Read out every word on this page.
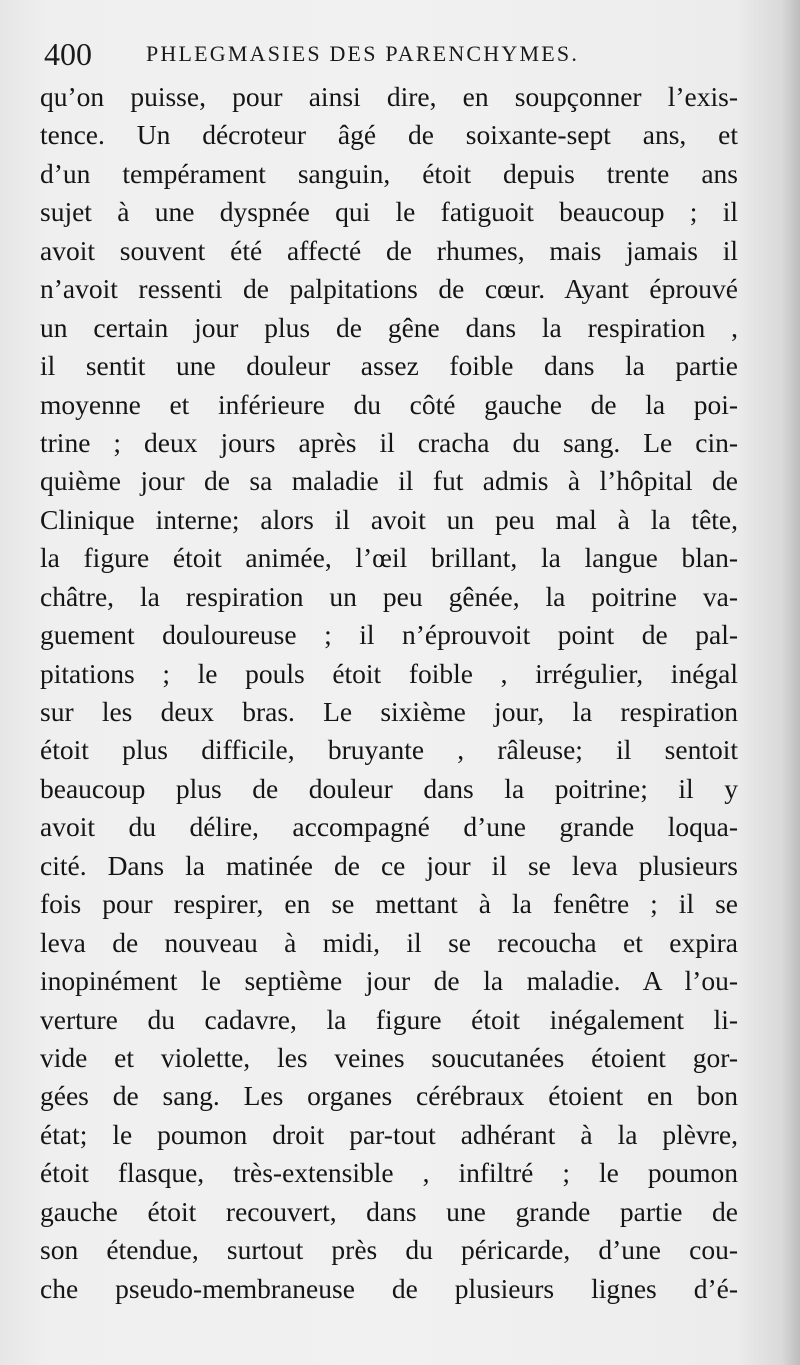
400 PHLEGMASIES DES PARENCHYMES.
qu’on puisse, pour ainsi dire, en soupçonner l’exis-
tence. Un décroteur âgé de soixante-sept ans, et
d’un tempérament sanguin, étoit depuis trente ans
sujet à une dyspnée qui le fatiguoit beaucoup ; il
avoit souvent été affecté de rhumes, mais jamais il
n’avoit ressenti de palpitations de cœur. Ayant éprouvé
un certain jour plus de gêne dans la respiration ,
il sentit une douleur assez foible dans la partie
moyenne et inférieure du côté gauche de la poi-
trine ; deux jours après il cracha du sang. Le cin-
quième jour de sa maladie il fut admis à l’hôpital de
Clinique interne; alors il avoit un peu mal à la tête,
la figure étoit animée, l’œil brillant, la langue blan-
châtre, la respiration un peu gênée, la poitrine va-
guement douloureuse ; il n’éprouvoit point de pal-
pitations ; le pouls étoit foible , irrégulier, inégal
sur les deux bras. Le sixième jour, la respiration
étoit plus difficile, bruyante , râleuse; il sentoit
beaucoup plus de douleur dans la poitrine; il y
avoit du délire, accompagné d’une grande loqua-
cité. Dans la matinée de ce jour il se leva plusieurs
fois pour respirer, en se mettant à la fenêtre ; il se
leva de nouveau à midi, il se recoucha et expira
inopinément le septième jour de la maladie. A l’ou-
verture du cadavre, la figure étoit inégalement li-
vide et violette, les veines soucutanées étoient gor-
gées de sang. Les organes cérébraux étoient en bon
état; le poumon droit par-tout adhérant à la plèvre,
étoit flasque, très-extensible , infiltré ; le poumon
gauche étoit recouvert, dans une grande partie de
son étendue, surtout près du péricarde, d’une cou-
che pseudo-membraneuse de plusieurs lignes d’é-
